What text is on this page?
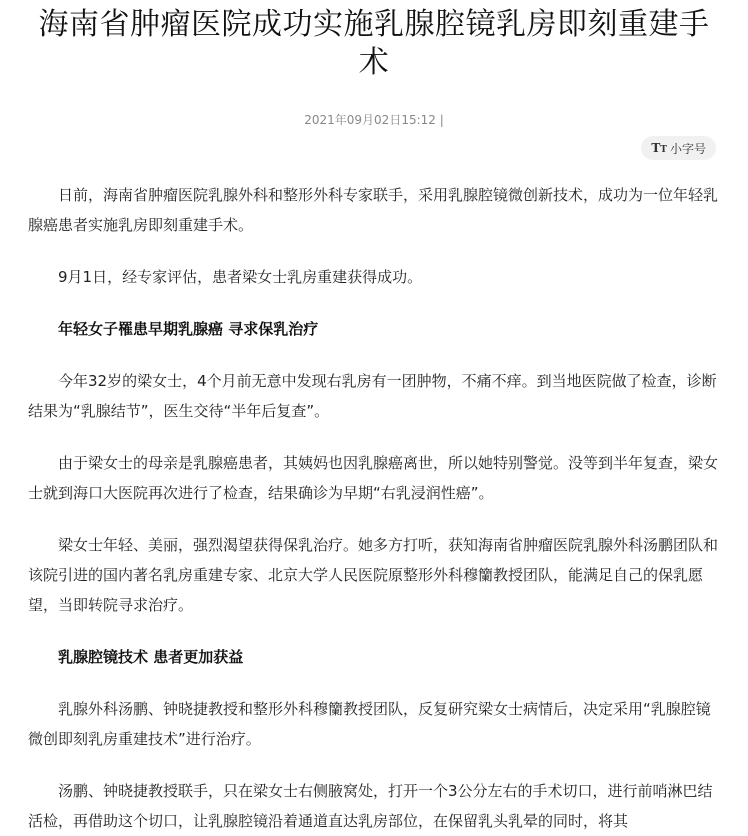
海南省肿瘤医院成功实施乳腺腔镜乳房即刻重建手术
2021年09月02日15:12 |
TT 小字号

日前，海南省肿瘤医院乳腺外科和整形外科专家联手，采用乳腺腔镜微创新技术，成功为一位年轻乳腺癌患者实施乳房即刻重建手术。

9月1日，经专家评估，患者梁女士乳房重建获得成功。

年轻女子罹患早期乳腺癌 寻求保乳治疗

今年32岁的梁女士，4个月前无意中发现右乳房有一团肿物，不痛不痒。到当地医院做了检查，诊断结果为“乳腺结节”，医生交待“半年后复查”。

由于梁女士的母亲是乳腺癌患者，其姨妈也因乳腺癌离世，所以她特别警觉。没等到半年复查，梁女士就到海口大医院再次进行了检查，结果确诊为早期“右乳浸润性癌”。

梁女士年轻、美丽，强烈渴望获得保乳治疗。她多方打听，获知海南省肿瘤医院乳腺外科汤鹏团队和该院引进的国内著名乳房重建专家、北京大学人民医院原整形外科穆籣教授团队，能满足自己的保乳愿望，当即转院寻求治疗。

乳腺腔镜技术 患者更加获益

乳腺外科汤鹏、钟晓捷教授和整形外科穆籣教授团队，反复研究梁女士病情后，决定采用“乳腺腔镜微创即刻乳房重建技术”进行治疗。

汤鹏、钟晓捷教授联手，只在梁女士右侧腋窝处，打开一个3公分左右的手术切口，进行前哨淋巴结活检，再借助这个切口，让乳腺腔镜沿着通道直达乳房部位，在保留乳头乳晕的同时，将其
